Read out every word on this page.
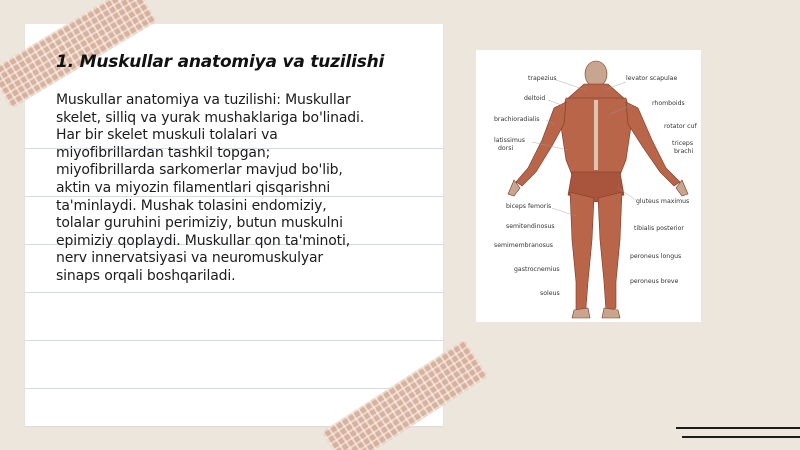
1. Muskullar anatomiya va tuzilishi
Muskullar anatomiya va tuzilishi: Muskullar
skelet, silliq va yurak mushaklariga bo'linadi.
Har bir skelet muskuli tolalari va
miyofibrillardan tashkil topgan;
miyofibrillarda sarkomerlar mavjud bo'lib,
aktin va miyozin filamentlari qisqarishni
ta'minlaydi. Mushak tolasini endomiziy,
tolalar guruhini perimiziy, butun muskulni
epimiziy qoplaydi. Muskullar qon ta'minoti,
nerv innervatsiyasi va neuromuskulyar
sinaps orqali boshqariladi.
trapezius
deltoid
brachioradialis
latissimus
dorsi
biceps femoris
semitendinosus
semimembranosus
gastrocnemius
soleus
levator scapulae
rhomboids
rotator cuf
triceps
brachi
gluteus maximus
tibialis posterior
peroneus longus
peroneus breve
